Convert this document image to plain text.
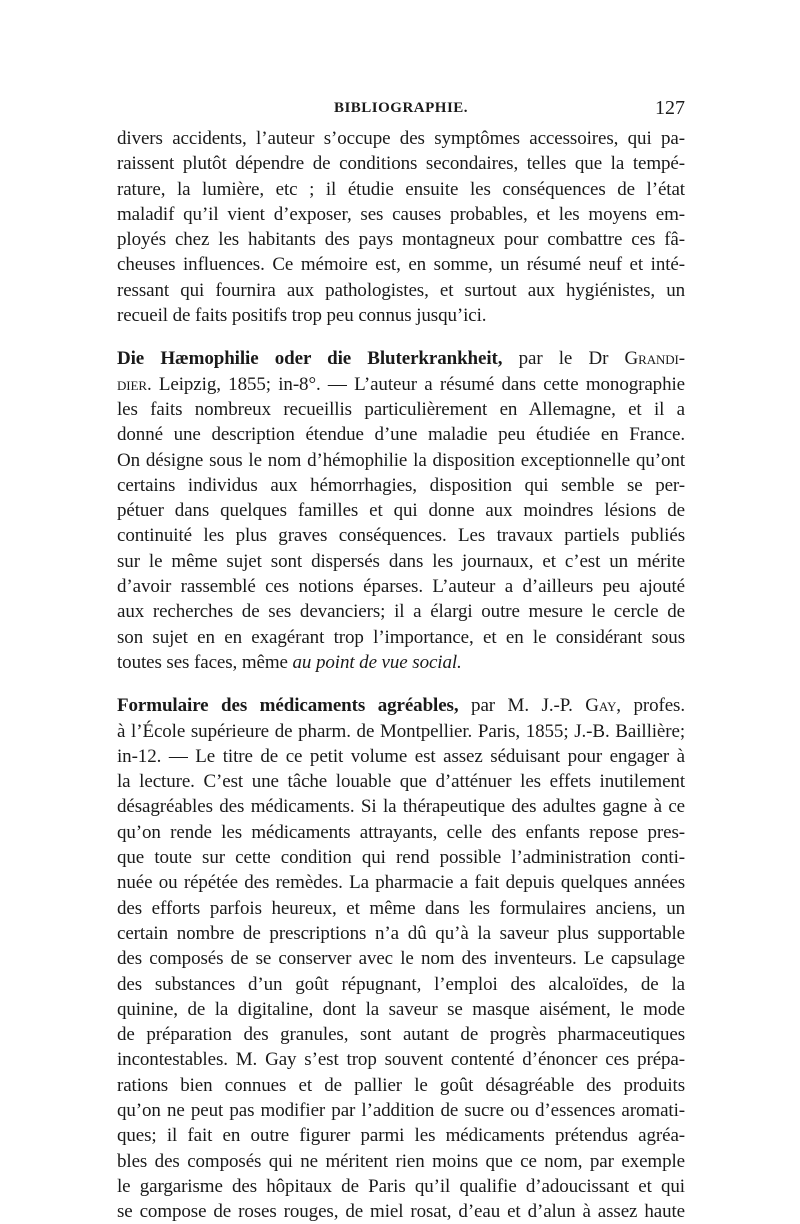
BIBLIOGRAPHIE.	127
divers accidents, l’auteur s’occupe des symptômes accessoires, qui pa-
raissent plutôt dépendre de conditions secondaires, telles que la tempé-
rature, la lumière, etc ; il étudie ensuite les conséquences de l’état
maladif qu’il vient d’exposer, ses causes probables, et les moyens em-
ployés chez les habitants des pays montagneux pour combattre ces fâ-
cheuses influences. Ce mémoire est, en somme, un résumé neuf et inté-
ressant qui fournira aux pathologistes, et surtout aux hygiénistes, un
recueil de faits positifs trop peu connus jusqu’ici.
Die Hæmophilie oder die Bluterkrankheit, par le Dr Grandi-
dier. Leipzig, 1855; in-8°. — L’auteur a résumé dans cette monographie
les faits nombreux recueillis particulièrement en Allemagne, et il a
donné une description étendue d’une maladie peu étudiée en France.
On désigne sous le nom d’hémophilie la disposition exceptionnelle qu’ont
certains individus aux hémorrhagies, disposition qui semble se per-
pétuer dans quelques familles et qui donne aux moindres lésions de
continuité les plus graves conséquences. Les travaux partiels publiés
sur le même sujet sont dispersés dans les journaux, et c’est un mérite
d’avoir rassemblé ces notions éparses. L’auteur a d’ailleurs peu ajouté
aux recherches de ses devanciers; il a élargi outre mesure le cercle de
son sujet en en exagérant trop l’importance, et en le considérant sous
toutes ses faces, même au point de vue social.
Formulaire des médicaments agréables, par M. J.-P. Gay, profes.
à l’École supérieure de pharm. de Montpellier. Paris, 1855; J.-B. Baillière;
in-12. — Le titre de ce petit volume est assez séduisant pour engager à
la lecture. C’est une tâche louable que d’atténuer les effets inutilement
désagréables des médicaments. Si la thérapeutique des adultes gagne à ce
qu’on rende les médicaments attrayants, celle des enfants repose pres-
que toute sur cette condition qui rend possible l’administration conti-
nuée ou répétée des remèdes. La pharmacie a fait depuis quelques années
des efforts parfois heureux, et même dans les formulaires anciens, un
certain nombre de prescriptions n’a dû qu’à la saveur plus supportable
des composés de se conserver avec le nom des inventeurs. Le capsulage
des substances d’un goût répugnant, l’emploi des alcaloïdes, de la
quinine, de la digitaline, dont la saveur se masque aisément, le mode
de préparation des granules, sont autant de progrès pharmaceutiques
incontestables. M. Gay s’est trop souvent contenté d’énoncer ces prépa-
rations bien connues et de pallier le goût désagréable des produits
qu’on ne peut pas modifier par l’addition de sucre ou d’essences aromati-
ques; il fait en outre figurer parmi les médicaments prétendus agréa-
bles des composés qui ne méritent rien moins que ce nom, par exemple
le gargarisme des hôpitaux de Paris qu’il qualifie d’adoucissant et qui
se compose de roses rouges, de miel rosat, d’eau et d’alun à assez haute
